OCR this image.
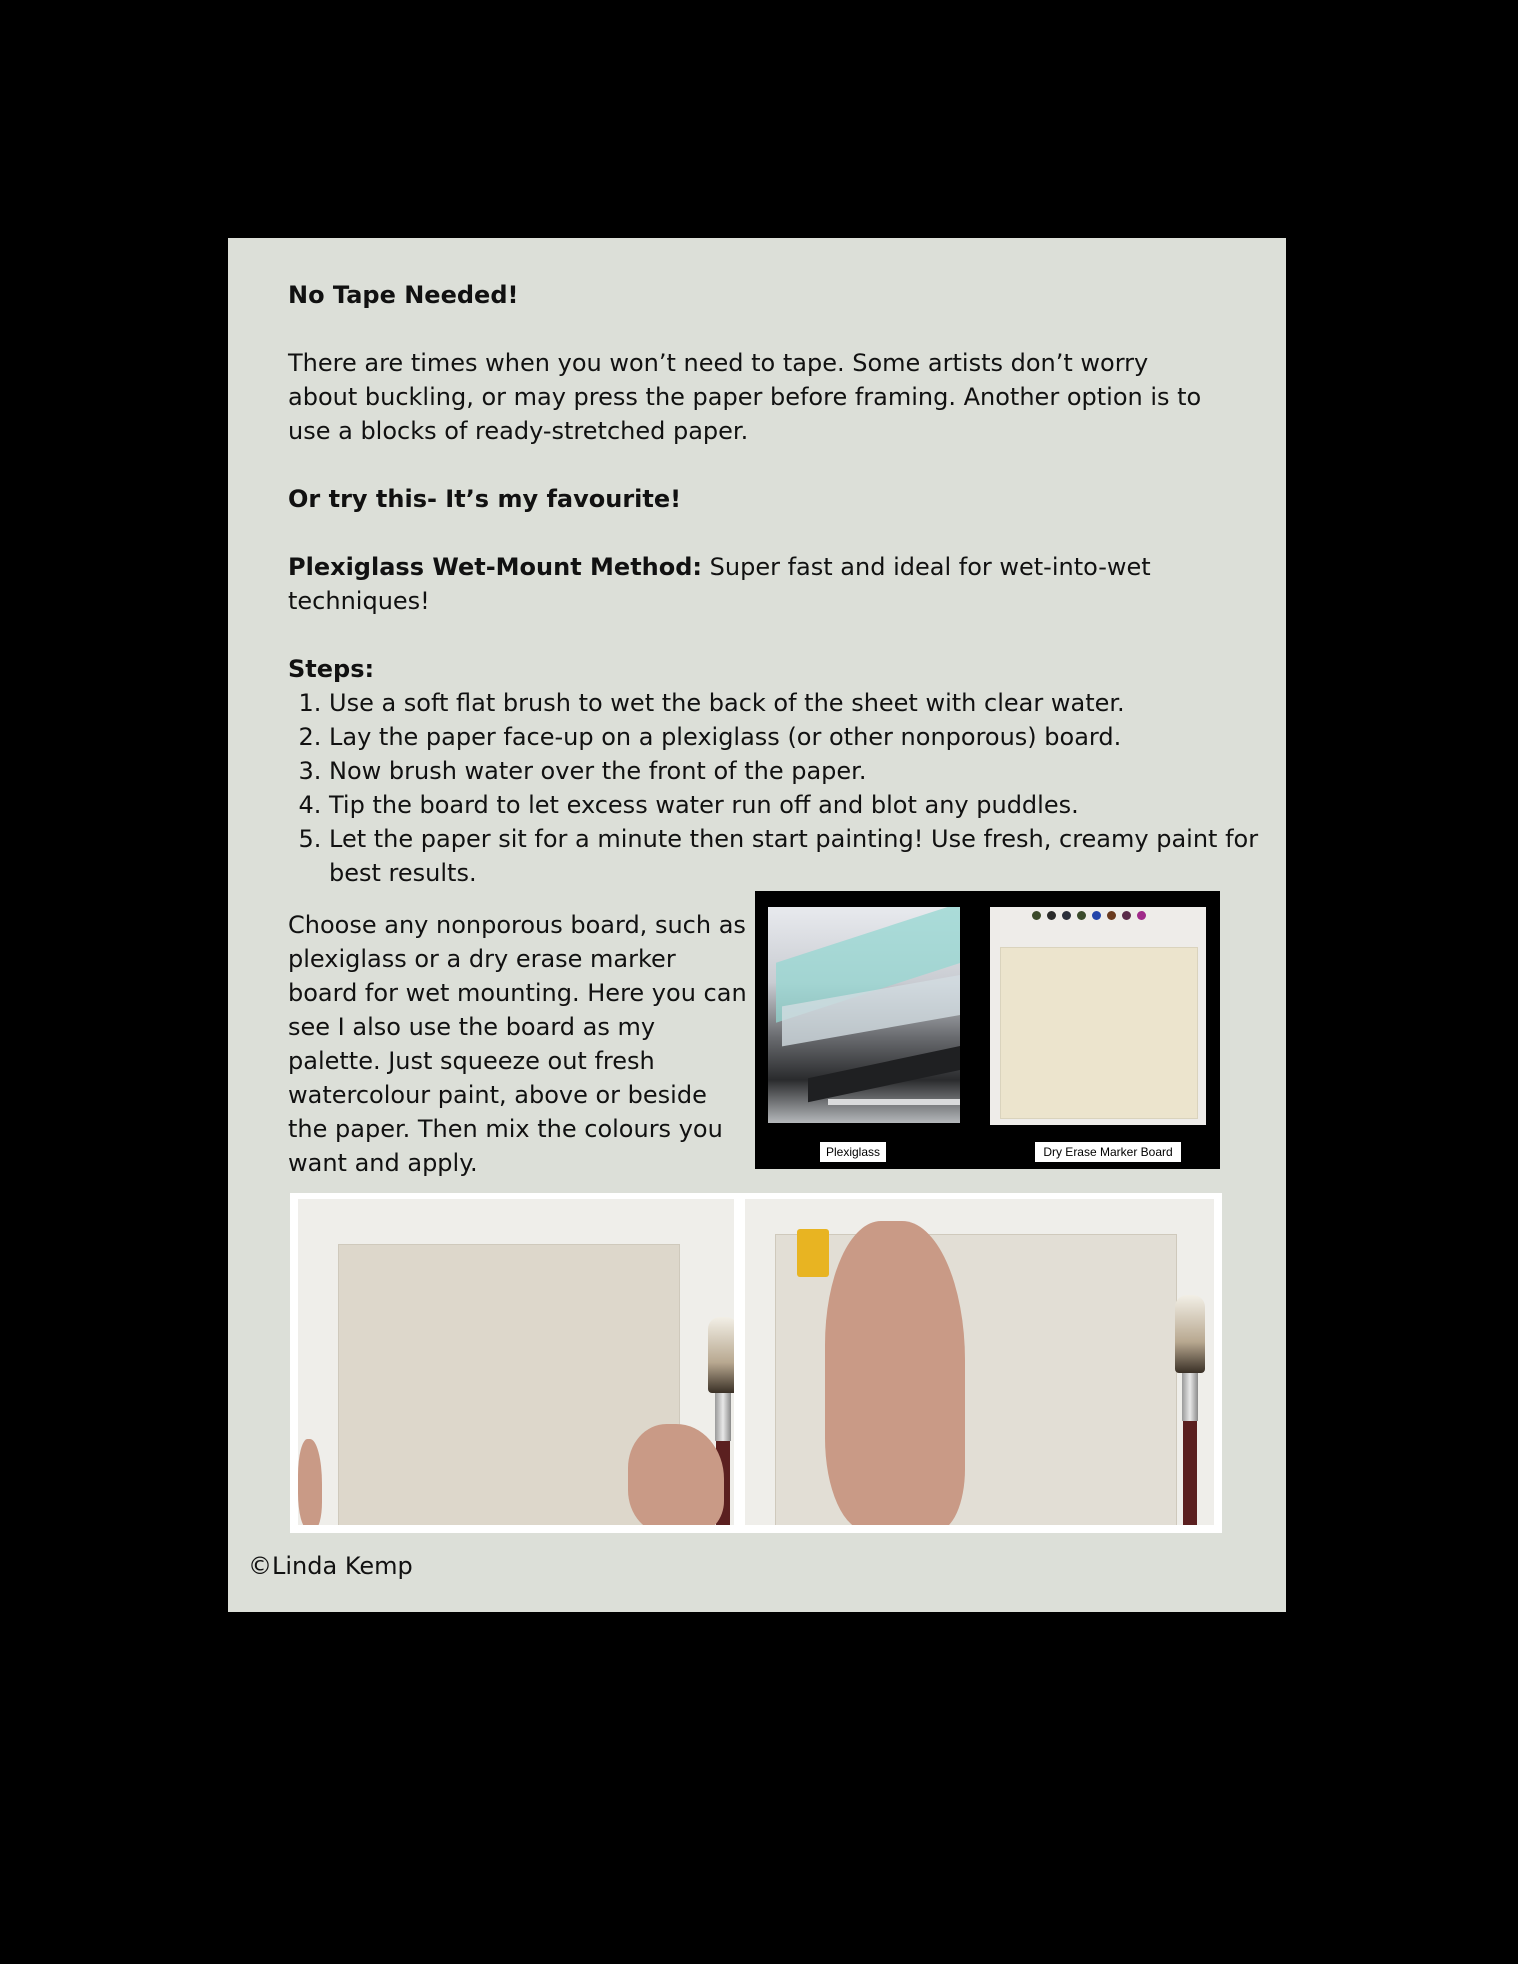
No Tape Needed!

There are times when you won’t need to tape. Some artists don’t worry about buckling, or may press the paper before framing. Another option is to use a blocks of ready-stretched paper.

Or try this- It’s my favourite!

Plexiglass Wet-Mount Method: Super fast and ideal for wet-into-wet techniques!

Steps:

1. Use a soft flat brush to wet the back of the sheet with clear water.
2. Lay the paper face-up on a plexiglass (or other nonporous) board.
3. Now brush water over the front of the paper.
4. Tip the board to let excess water run off and blot any puddles.
5. Let the paper sit for a minute then start painting! Use fresh, creamy paint for best results.

Choose any nonporous board, such as plexiglass or a dry erase marker board for wet mounting. Here you can see I also use the board as my palette. Just squeeze out fresh watercolour paint, above or beside the paper. Then mix the colours you want and apply.	Plexiglass	Dry Erase Marker Board

©Linda Kemp
